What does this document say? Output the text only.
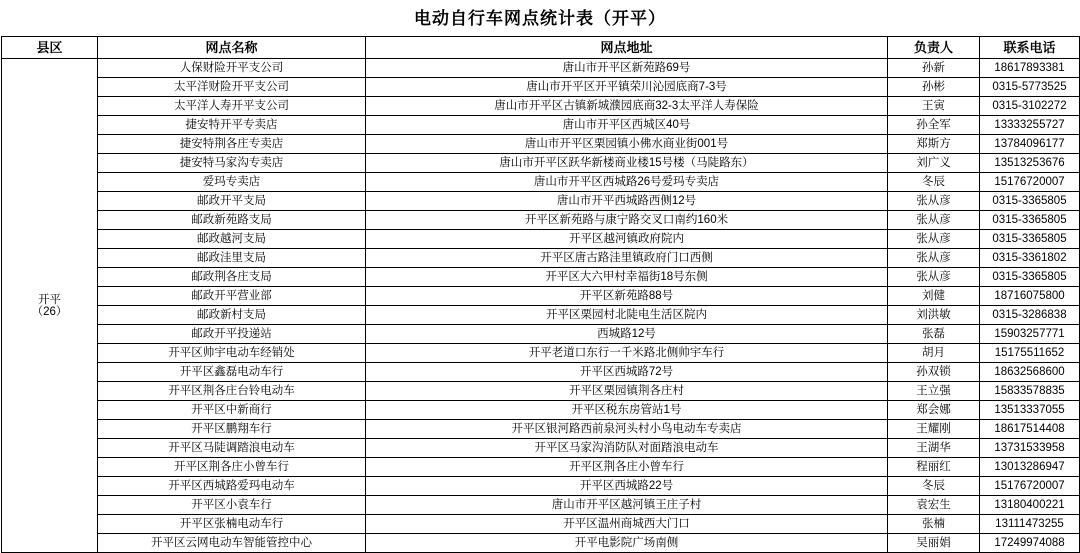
电动自行车网点统计表（开平）
县区	网点名称	网点地址	负责人	联系电话

开平
（26）	人保财险开平支公司	唐山市开平区新苑路69号	孙新	18617893381
	太平洋财险开平支公司	唐山市开平区开平镇荣川沁园底商7-3号	孙彬	0315-5773525
	太平洋人寿开平支公司	唐山市开平区古镇新城濮园底商32-3太平洋人寿保险	王寅	0315-3102272
	捷安特开平专卖店	唐山市开平区西城区40号	孙全军	13333255727
	捷安特荆各庄专卖店	唐山市开平区栗园镇小佛水商业街001号	郑斯方	13784096177
	捷安特马家沟专卖店	唐山市开平区跃华新楼商业楼15号楼（马陡路东）	刘广义	13513253676
	爱玛专卖店	唐山市开平区西城路26号爱玛专卖店	冬辰	15176720007
	邮政开平支局	唐山市开平西城路西侧12号	张从彦	0315-3365805
	邮政新苑路支局	开平区新苑路与康宁路交叉口南约160米	张从彦	0315-3365805
	邮政越河支局	开平区越河镇政府院内	张从彦	0315-3365805
	邮政洼里支局	开平区唐古路洼里镇政府门口西侧	张从彦	0315-3361802
	邮政荆各庄支局	开平区大六甲村幸福街18号东侧	张从彦	0315-3365805
	邮政开平营业部	开平区新苑路88号	刘健	18716075800
	邮政新村支局	开平区栗园村北陡电生活区院内	刘洪敏	0315-3286838
	邮政开平投递站	西城路12号	张磊	15903257771
	开平区帅宇电动车经销处	开平老道口东行一千米路北侧帅宇车行	胡月	15175511652
	开平区鑫磊电动车行	开平区西城路72号	孙双锁	18632568600
	开平区荆各庄台铃电动车	开平区栗园镇荆各庄村	王立强	15833578835
	开平区中新商行	开平区税东房管站1号	郑会娜	13513337055
	开平区鹏翔车行	开平区银河路西前泉河头村小鸟电动车专卖店	王耀刚	18617514408
	开平区马陡调踏浪电动车	开平区马家沟消防队对面踏浪电动车	王湖华	13731533958
	开平区荆各庄小曾车行	开平区荆各庄小曾车行	程丽红	13013286947
	开平区西城路爱玛电动车	开平区西城路22号	冬辰	15176720007
	开平区小袁车行	唐山市开平区越河镇王庄子村	袁宏生	13180400221
	开平区张楠电动车行	开平区温州商城西大门口	张楠	13111473255
	开平区云网电动车智能管控中心	开平电影院广场南侧	吴丽娟	17249974088
